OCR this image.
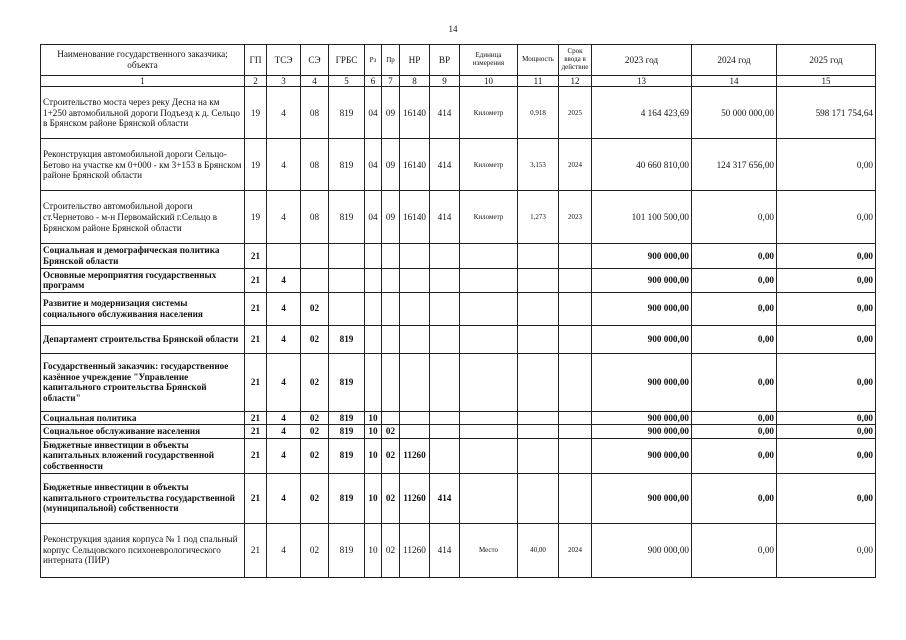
14
Наименование государственного заказчика; объекта	ГП	ТСЭ	СЭ	ГРБС	Рз	Пр	НР	ВР	Единица измерения	Мощность	Срок ввода в действие	2023 год	2024 год	2025 год
1	2	3	4	5	6	7	8	9	10	11	12	13	14	15
Строительство моста через реку Десна на км 1+250 автомобильной дороги Подъезд к д. Сельцо в Брянском районе Брянской области	19	4	08	819	04	09	16140	414	Километр	0,918	2025	4 164 423,69	50 000 000,00	598 171 754,64
Реконструкция автомобильной дороги Сельцо-Бетово на участке км 0+000 - км 3+153 в Брянском районе Брянской области	19	4	08	819	04	09	16140	414	Километр	3,153	2024	40 660 810,00	124 317 656,00	0,00
Строительство автомобильной дороги ст.Чернетово - м-н Первомайский г.Сельцо в Брянском районе Брянской области	19	4	08	819	04	09	16140	414	Километр	1,273	2023	101 100 500,00	0,00	0,00
Социальная и демографическая политика Брянской области	21											900 000,00	0,00	0,00
Основные мероприятия государственных программ	21	4										900 000,00	0,00	0,00
Развитие и модернизация системы социального обслуживания населения	21	4	02									900 000,00	0,00	0,00
Департамент строительства Брянской области	21	4	02	819								900 000,00	0,00	0,00
Государственный заказчик: государственное казённое учреждение "Управление капитального строительства Брянской области"	21	4	02	819								900 000,00	0,00	0,00
Социальная политика	21	4	02	819	10							900 000,00	0,00	0,00
Социальное обслуживание населения	21	4	02	819	10	02						900 000,00	0,00	0,00
Бюджетные инвестиции в объекты капитальных вложений государственной собственности	21	4	02	819	10	02	11260					900 000,00	0,00	0,00
Бюджетные инвестиции в объекты капитального строительства государственной (муниципальной) собственности	21	4	02	819	10	02	11260	414				900 000,00	0,00	0,00
Реконструкция здания корпуса № 1 под спальный корпус Сельцовского психоневрологического интерната (ПИР)	21	4	02	819	10	02	11260	414	Место	40,00	2024	900 000,00	0,00	0,00
